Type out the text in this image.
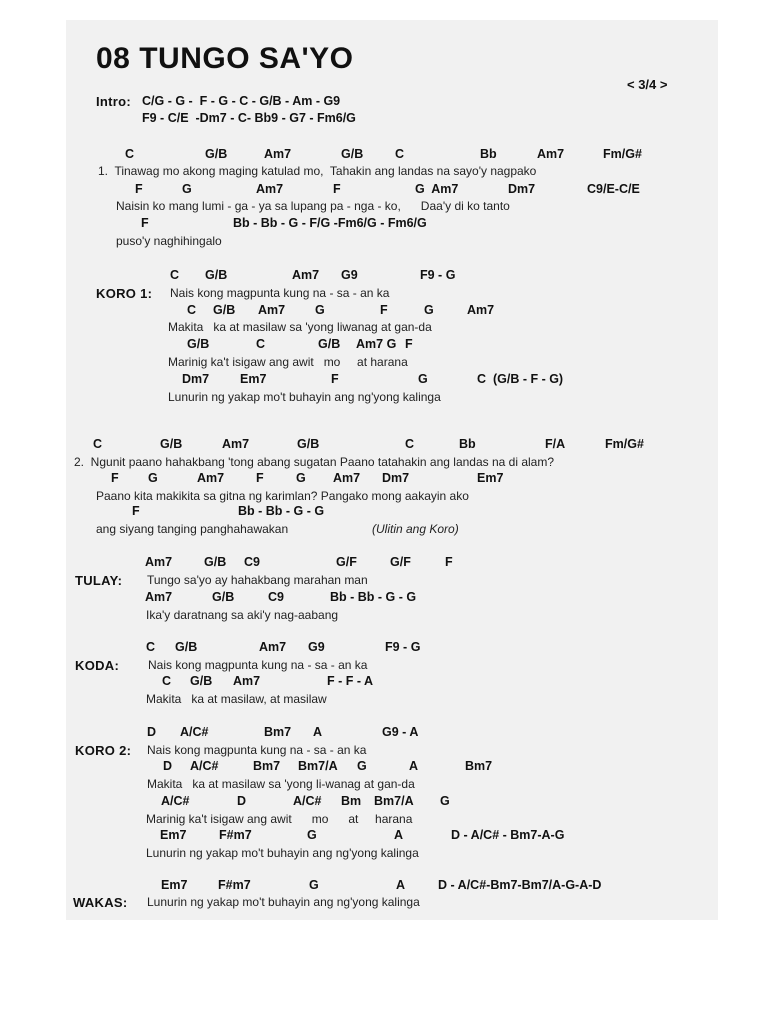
08 TUNGO SA'YO
< 3/4 >
Intro: C/G - G -  F - G - C - G/B - Am - G9
F9 - C/E  -Dm7 - C- Bb9 - G7 - Fm6/G
C	G/B	Am7	G/B	C	Bb	Am7	Fm/G#
1.  Tinawag mo akong maging katulad mo,  Tahakin ang landas na sayo'y nagpako
F	G	Am7	F	G  Am7	Dm7	C9/E-C/E
Naisin ko mang lumi - ga - ya sa lupang pa - nga - ko,      Daa'y di ko tanto
F	Bb - Bb - G - F/G -Fm6/G - Fm6/G
puso'y naghihingalo
C G/B	Am7 G9	F9 - G
KORO 1: Nais kong magpunta kung na - sa - an ka
C G/B Am7 G	F	G	Am7
Makita   ka at masilaw sa 'yong liwanag at gan-da
G/B	C	G/B Am7 G F
Marinig ka't isigaw ang awit   mo     at harana
Dm7 Em7	F	G	C  (G/B - F - G)
Lunurin ng yakap mo't buhayin ang ng'yong kalinga
C	G/B	Am7	G/B	C	Bb	F/A	Fm/G#
2.  Ngunit paano hahakbang 'tong abang sugatan Paano tatahakin ang landas na di alam?
F G	Am7	F	G Am7 Dm7	Em7
Paano kita makikita sa gitna ng karimlan? Pangako mong aakayin ako
F	Bb - Bb - G - G
ang siyang tanging panghahawakan	(Ulitin ang Koro)
Am7	G/B C9	G/F	G/F	F
TULAY: Tungo sa'yo ay hahakbang marahan man
Am7	G/B	C9	Bb - Bb - G - G
Ika'y daratnang sa aki'y nag-aabang
C G/B	Am7 G9	F9 - G
KODA: Nais kong magpunta kung na - sa - an ka
C G/B Am7	F - F - A
Makita   ka at masilaw, at masilaw
D A/C#	Bm7 A	G9 - A
KORO 2: Nais kong magpunta kung na - sa - an ka
D A/C#	Bm7 Bm7/A G	A	Bm7
Makita   ka at masilaw sa 'yong li-wanag at gan-da
A/C#	D	A/C# Bm Bm7/A G
Marinig ka't isigaw ang awit      mo      at     harana
Em7	F#m7	G	A	D - A/C# - Bm7-A-G
Lunurin ng yakap mo't buhayin ang ng'yong kalinga
Em7 F#m7	G	A	D - A/C#-Bm7-Bm7/A-G-A-D
WAKAS: Lunurin ng yakap mo't buhayin ang ng'yong kalinga
